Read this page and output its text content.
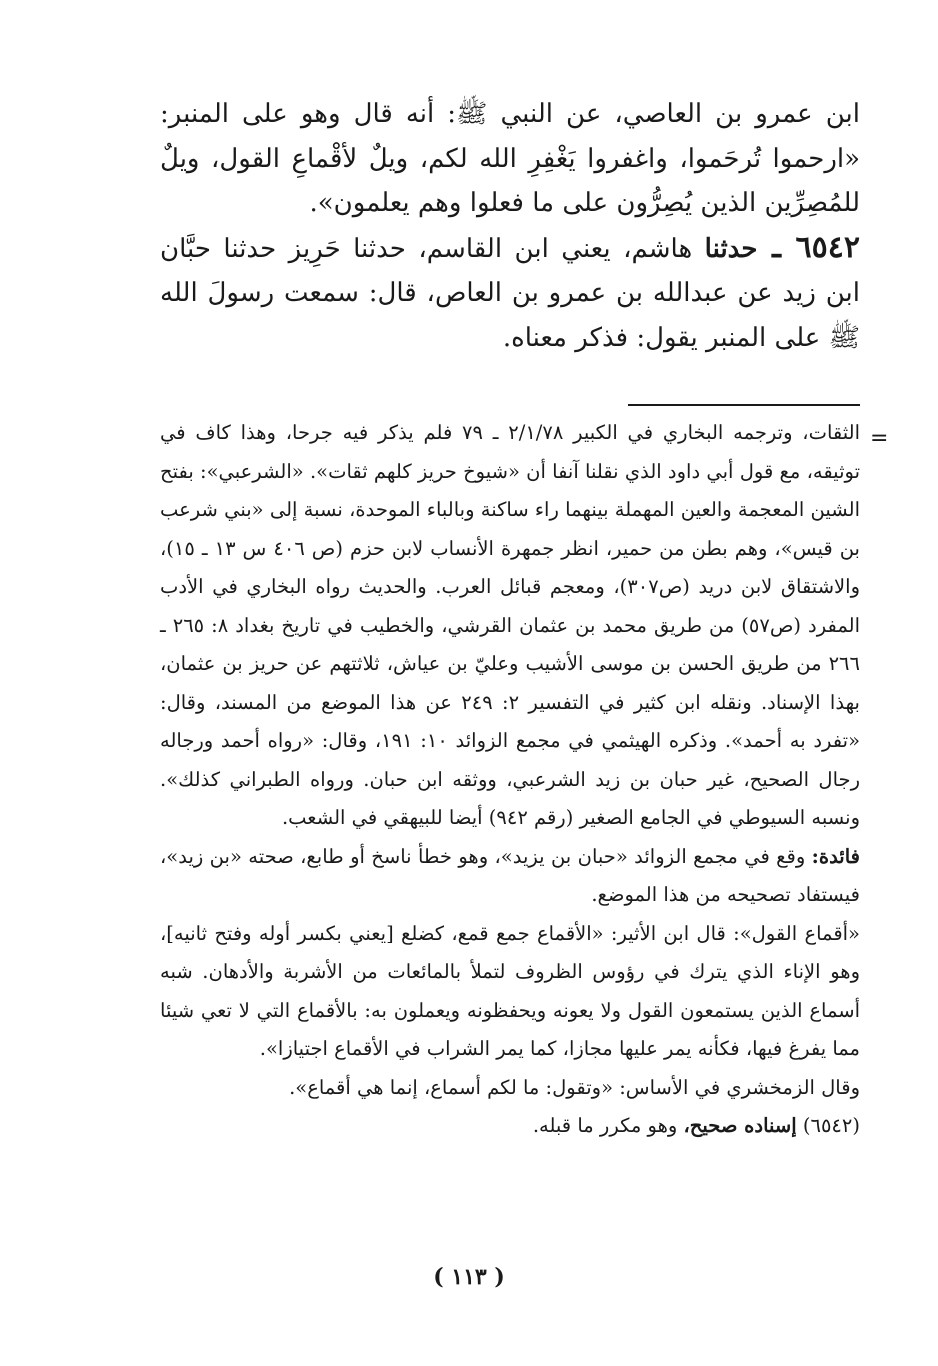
ابن عمرو بن العاصي، عن النبي ﷺ: أنه قال وهو على المنبر: «ارحموا تُرحَموا، واغفروا يَغْفِرِ الله لكم، ويلٌ لأقْماعِ القول، ويلٌ للمُصِرِّين الذين يُصِرُّون على ما فعلوا وهم يعلمون».

٦٥٤٢ ـ حدثنا هاشم، يعني ابن القاسم، حدثنا حَرِيز حدثنا حبَّان ابن زيد عن عبدالله بن عمرو بن العاص، قال: سمعت رسولَ الله ﷺ على المنبر يقول: فذكر معناه.

=

الثقات، وترجمه البخاري في الكبير ٢/١/٧٨ ـ ٧٩ فلم يذكر فيه جرحا، وهذا كاف في توثيقه، مع قول أبي داود الذي نقلنا آنفا أن «شيوخ حريز كلهم ثقات». «الشرعبي»: بفتح الشين المعجمة والعين المهملة بينهما راء ساكنة وبالباء الموحدة، نسبة إلى «بني شرعب بن قيس»، وهم بطن من حمير، انظر جمهرة الأنساب لابن حزم (ص ٤٠٦ س ١٣ ـ ١٥)، والاشتقاق لابن دريد (ص٣٠٧)، ومعجم قبائل العرب. والحديث رواه البخاري في الأدب المفرد (ص٥٧) من طريق محمد بن عثمان القرشي، والخطيب في تاريخ بغداد ٨: ٢٦٥ ـ ٢٦٦ من طريق الحسن بن موسى الأشيب وعليّ بن عياش، ثلاثتهم عن حريز بن عثمان، بهذا الإسناد. ونقله ابن كثير في التفسير ٢: ٢٤٩ عن هذا الموضع من المسند، وقال: «تفرد به أحمد». وذكره الهيثمي في مجمع الزوائد ١٠: ١٩١، وقال: «رواه أحمد ورجاله رجال الصحيح، غير حبان بن زيد الشرعبي، ووثقه ابن حبان. ورواه الطبراني كذلك». ونسبه السيوطي في الجامع الصغير (رقم ٩٤٢) أيضا للبيهقي في الشعب.

فائدة: وقع في مجمع الزوائد «حبان بن يزيد»، وهو خطأ ناسخ أو طابع، صحته «بن زيد»، فيستفاد تصحيحه من هذا الموضع.

«أقماع القول»: قال ابن الأثير: «الأقماع جمع قمع، كضلع [يعني بكسر أوله وفتح ثانيه]، وهو الإناء الذي يترك في رؤوس الظروف لتملأ بالمائعات من الأشربة والأدهان. شبه أسماع الذين يستمعون القول ولا يعونه ويحفظونه ويعملون به: بالأقماع التي لا تعي شيئا مما يفرغ فيها، فكأنه يمر عليها مجازا، كما يمر الشراب في الأقماع اجتيازا».

وقال الزمخشري في الأساس: «وتقول: ما لكم أسماع، إنما هي أقماع».

(٦٥٤٢) إسناده صحيح، وهو مكرر ما قبله.

( ١١٣ )
